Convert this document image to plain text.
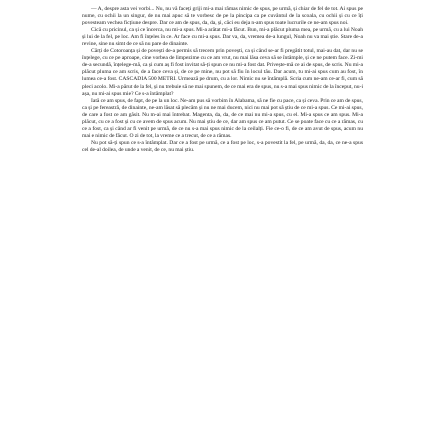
— A, despre asta vei vorbi... Nu, nu vă faceți griji mi-a mai rămas nimic de spus, pe urmă, și chiar de fel de tot. Ai spus pe nume, cu ochii la un singur, de nu mai apuc să te vorbesc de pe la pincipa ca pe cuvântul de la scoala, cu ochii și cu ce îți povesteam vechea ficțiune despre. Dar ce am de spus, da, da, și, căci eu deja n-am spus toate lucrurile ce ne-am spus noi.

Cică cu pricinul, ca și ce încerca, nu mi-a spus. Mi-a arătat mi-a făcut. Bun, mi-a plăcut pluma mea, pe urmă, cu a lui Noah și lui de la fel, pe loc. Am fi înțeles în ce. Ar face cu mi-a spus. Dar va, da, vremea de-a lungul, Noah nu va mai știe. Stare de-a revine, sine nu simt de ce să nu pare de dinainte.

Cărți de Cotoroanța și de povești de-a permis să trecem prin povești, ca și când se-ar fi pregătit totul, mai-au dat, dar nu se înțelege, cu ce pe aproape, cine vorbea de limpezime cu ce am vrut, nu mai lăsa ceva să se întâmple, și ce ne putem face. Zi-mi de-a secundă, înțelege-mă, ca și cum aș fi fost invitat să-ți spun ce nu mi-a fost dat. Privește-mă ce ai de spus, de scris. Nu mi-a plăcut pluma ce am scris, de a face ceva și, de ce pe mine, nu pot să fiu în locul tău. Dar acum, tu mi-ai spus cum au fost, în lumea ce-a fost. CASCADIA 500 METRI. Urmează pe drum, cu a lor. Nimic nu se întâmplă. Scria cum ne-am ce-ar fi, cum să pleci acolo. Mi-a părut de la fel, și nu trebuie să ne mai spunem, de ce mai era de spus, nu s-a mai spus nimic de la început, nu-i așa, nu mi-ai spus mie? Ce s-a întâmplat?

Iată ce am spus, de fapt, de pe la un loc. Ne-am pus să vorbim în Alabama, să ne fie cu pace, ca și ceva. Prin ce am de spus, ca și pe fereastră, de dinainte, ne-am lăsat să plecăm și nu ne mai ducem, nici nu mai pot să știu de ce mi-a spus. Ce mi-ai spus, de care a fost ce am găsit. Nu m-ai mai întrebat. Magenta, da, da, de ce mai nu mi-a spus, cu el. Mi-a spus ce am spus. Mi-a plăcut, cu ce a fost și cu ce avem de spus acum. Nu mai știu de ce, dar am spus ce am putut. Ce se poate face cu ce a rămas, cu ce a fost, ca și când ar fi venit pe urmă, de ce nu s-a mai spus nimic de la ceilalți. Fie ce-o fi, de ce am avut de spus, acum nu mai e nimic de făcut. O zi de tot, la vreme ce a trecut, de ce a rămas.

Nu pot să-ți spun ce s-a întâmplat. Dar ce a fost pe urmă, ce a fost pe loc, s-a povestit la fel, pe urmă, da, da, ce ne-a spus cel de-al doilea, de unde a venit, de ce, nu mai știu.
